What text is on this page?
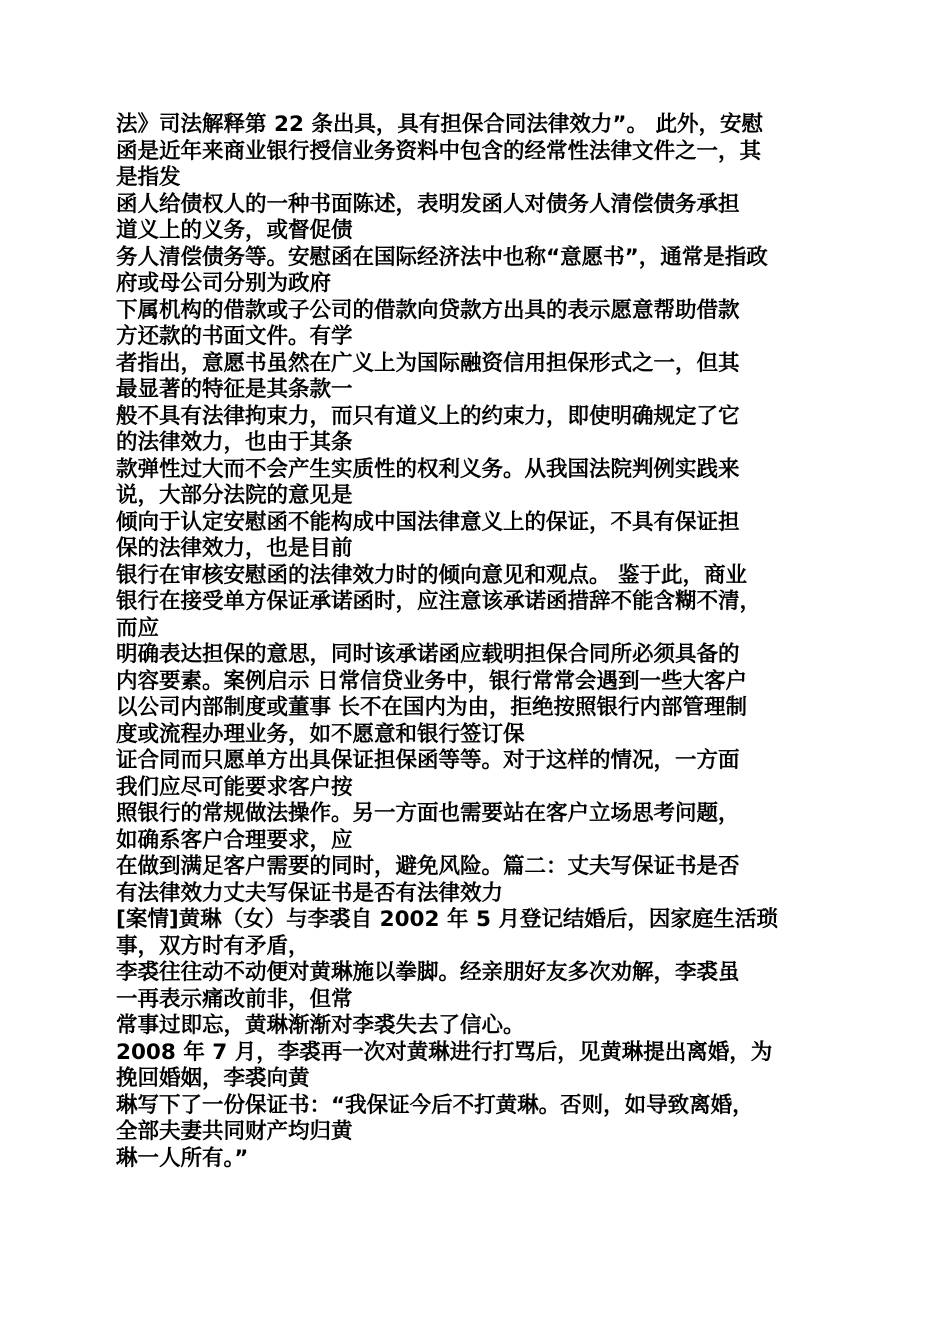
法》司法解释第 22 条出具，具有担保合同法律效力”。 此外，安慰
函是近年来商业银行授信业务资料中包含的经常性法律文件之一，其
是指发
函人给债权人的一种书面陈述，表明发函人对债务人清偿债务承担
道义上的义务，或督促债
务人清偿债务等。安慰函在国际经济法中也称“意愿书”，通常是指政
府或母公司分别为政府
下属机构的借款或子公司的借款向贷款方出具的表示愿意帮助借款
方还款的书面文件。有学
者指出，意愿书虽然在广义上为国际融资信用担保形式之一，但其
最显著的特征是其条款一
般不具有法律拘束力，而只有道义上的约束力，即使明确规定了它
的法律效力，也由于其条
款弹性过大而不会产生实质性的权利义务。从我国法院判例实践来
说，大部分法院的意见是
倾向于认定安慰函不能构成中国法律意义上的保证，不具有保证担
保的法律效力，也是目前
银行在审核安慰函的法律效力时的倾向意见和观点。 鉴于此，商业
银行在接受单方保证承诺函时，应注意该承诺函措辞不能含糊不清，
而应
明确表达担保的意思，同时该承诺函应载明担保合同所必须具备的
内容要素。案例启示 日常信贷业务中，银行常常会遇到一些大客户
以公司内部制度或董事 长不在国内为由，拒绝按照银行内部管理制
度或流程办理业务，如不愿意和银行签订保
证合同而只愿单方出具保证担保函等等。对于这样的情况，一方面
我们应尽可能要求客户按
照银行的常规做法操作。另一方面也需要站在客户立场思考问题，
如确系客户合理要求，应
在做到满足客户需要的同时，避免风险。篇二：丈夫写保证书是否
有法律效力丈夫写保证书是否有法律效力
[案情]黄琳（女）与李裘自 2002 年 5 月登记结婚后，因家庭生活琐
事，双方时有矛盾，
李裘往往动不动便对黄琳施以拳脚。经亲朋好友多次劝解，李裘虽
一再表示痛改前非，但常
常事过即忘，黄琳渐渐对李裘失去了信心。
2008 年 7 月，李裘再一次对黄琳进行打骂后，见黄琳提出离婚，为
挽回婚姻，李裘向黄
琳写下了一份保证书：“我保证今后不打黄琳。否则，如导致离婚，
全部夫妻共同财产均归黄
琳一人所有。”
